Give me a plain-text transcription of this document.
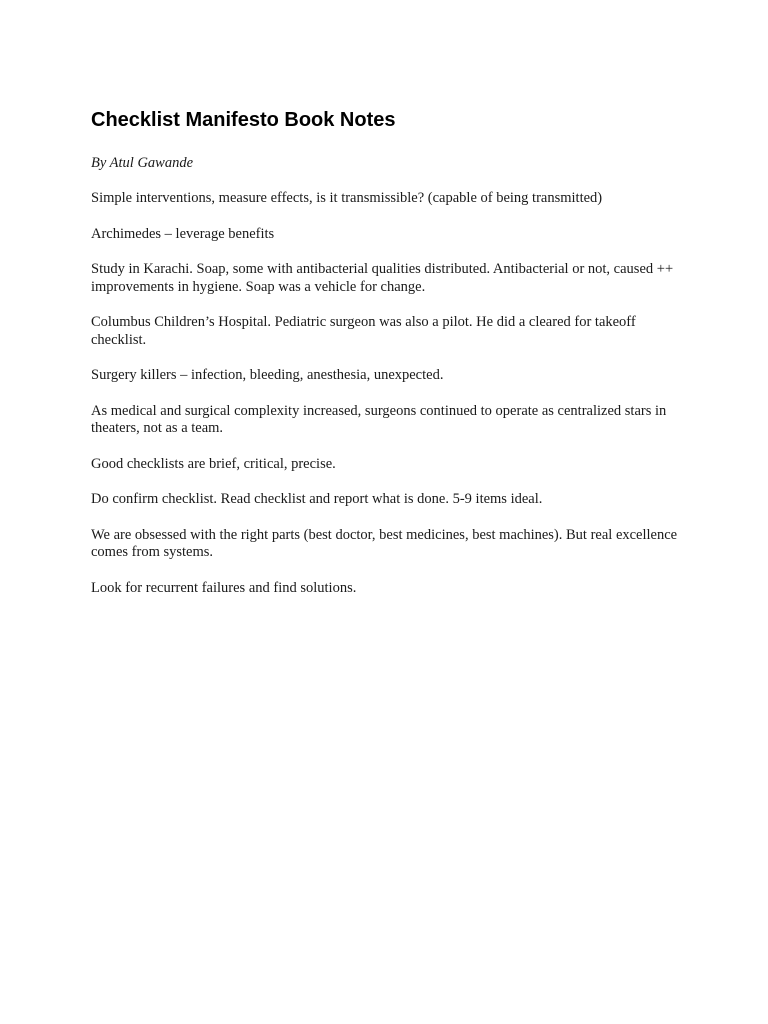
Checklist Manifesto Book Notes

By Atul Gawande

Simple interventions, measure effects, is it transmissible? (capable of being transmitted)

Archimedes – leverage benefits

Study in Karachi. Soap, some with antibacterial qualities distributed. Antibacterial or not, caused ++ improvements in hygiene. Soap was a vehicle for change.

Columbus Children’s Hospital. Pediatric surgeon was also a pilot. He did a cleared for takeoff checklist.

Surgery killers – infection, bleeding, anesthesia, unexpected.

As medical and surgical complexity increased, surgeons continued to operate as centralized stars in theaters, not as a team.

Good checklists are brief, critical, precise.

Do confirm checklist. Read checklist and report what is done. 5-9 items ideal.

We are obsessed with the right parts (best doctor, best medicines, best machines). But real excellence comes from systems.

Look for recurrent failures and find solutions.
